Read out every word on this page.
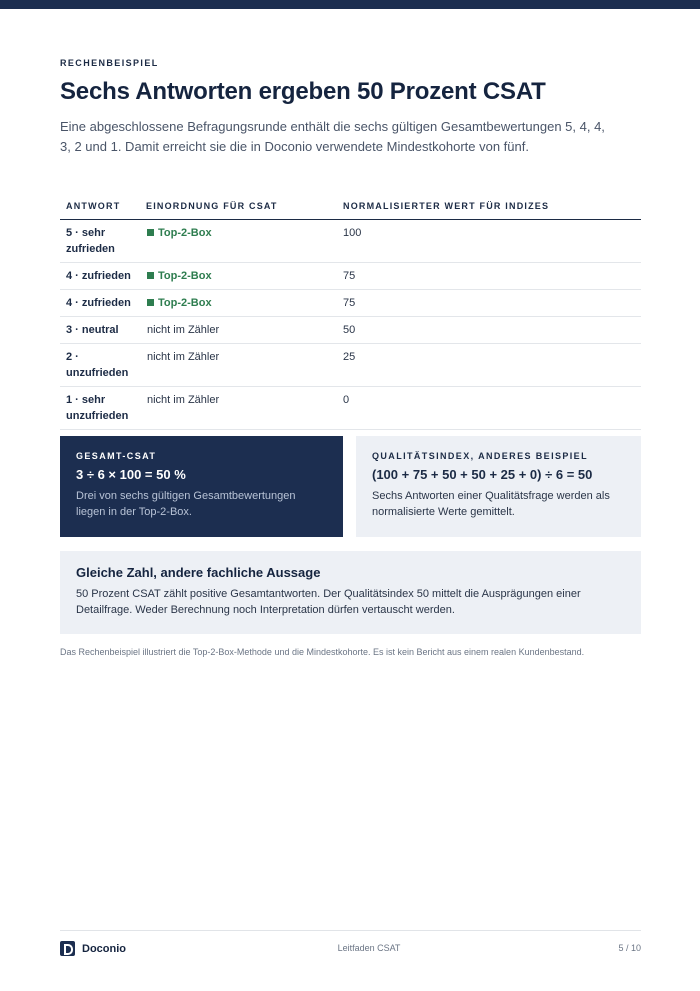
RECHENBEISPIEL
Sechs Antworten ergeben 50 Prozent CSAT

Eine abgeschlossene Befragungsrunde enthält die sechs gültigen Gesamtbewertungen 5, 4, 4, 3, 2 und 1. Damit erreicht sie die in Doconio verwendete Mindestkohorte von fünf.

ANTWORT	EINORDNUNG FÜR CSAT	NORMALISIERTER WERT FÜR INDIZES
5 · sehr zufrieden	Top-2-Box	100
4 · zufrieden	Top-2-Box	75
4 · zufrieden	Top-2-Box	75
3 · neutral	nicht im Zähler	50
2 · unzufrieden	nicht im Zähler	25
1 · sehr unzufrieden	nicht im Zähler	0
GESAMT-CSAT
3 ÷ 6 × 100 = 50 %
Drei von sechs gültigen Gesamtbewertungen liegen in der Top-2-Box.
QUALITÄTSINDEX, ANDERES BEISPIEL
(100 + 75 + 50 + 50 + 25 + 0) ÷ 6 = 50
Sechs Antworten einer Qualitätsfrage werden als normalisierte Werte gemittelt.
Gleiche Zahl, andere fachliche Aussage
50 Prozent CSAT zählt positive Gesamtantworten. Der Qualitätsindex 50 mittelt die Ausprägungen einer Detailfrage. Weder Berechnung noch Interpretation dürfen vertauscht werden.

Das Rechenbeispiel illustriert die Top-2-Box-Methode und die Mindestkohorte. Es ist kein Bericht aus einem realen Kundenbestand.

Doconio	Leitfaden CSAT	5 / 10
